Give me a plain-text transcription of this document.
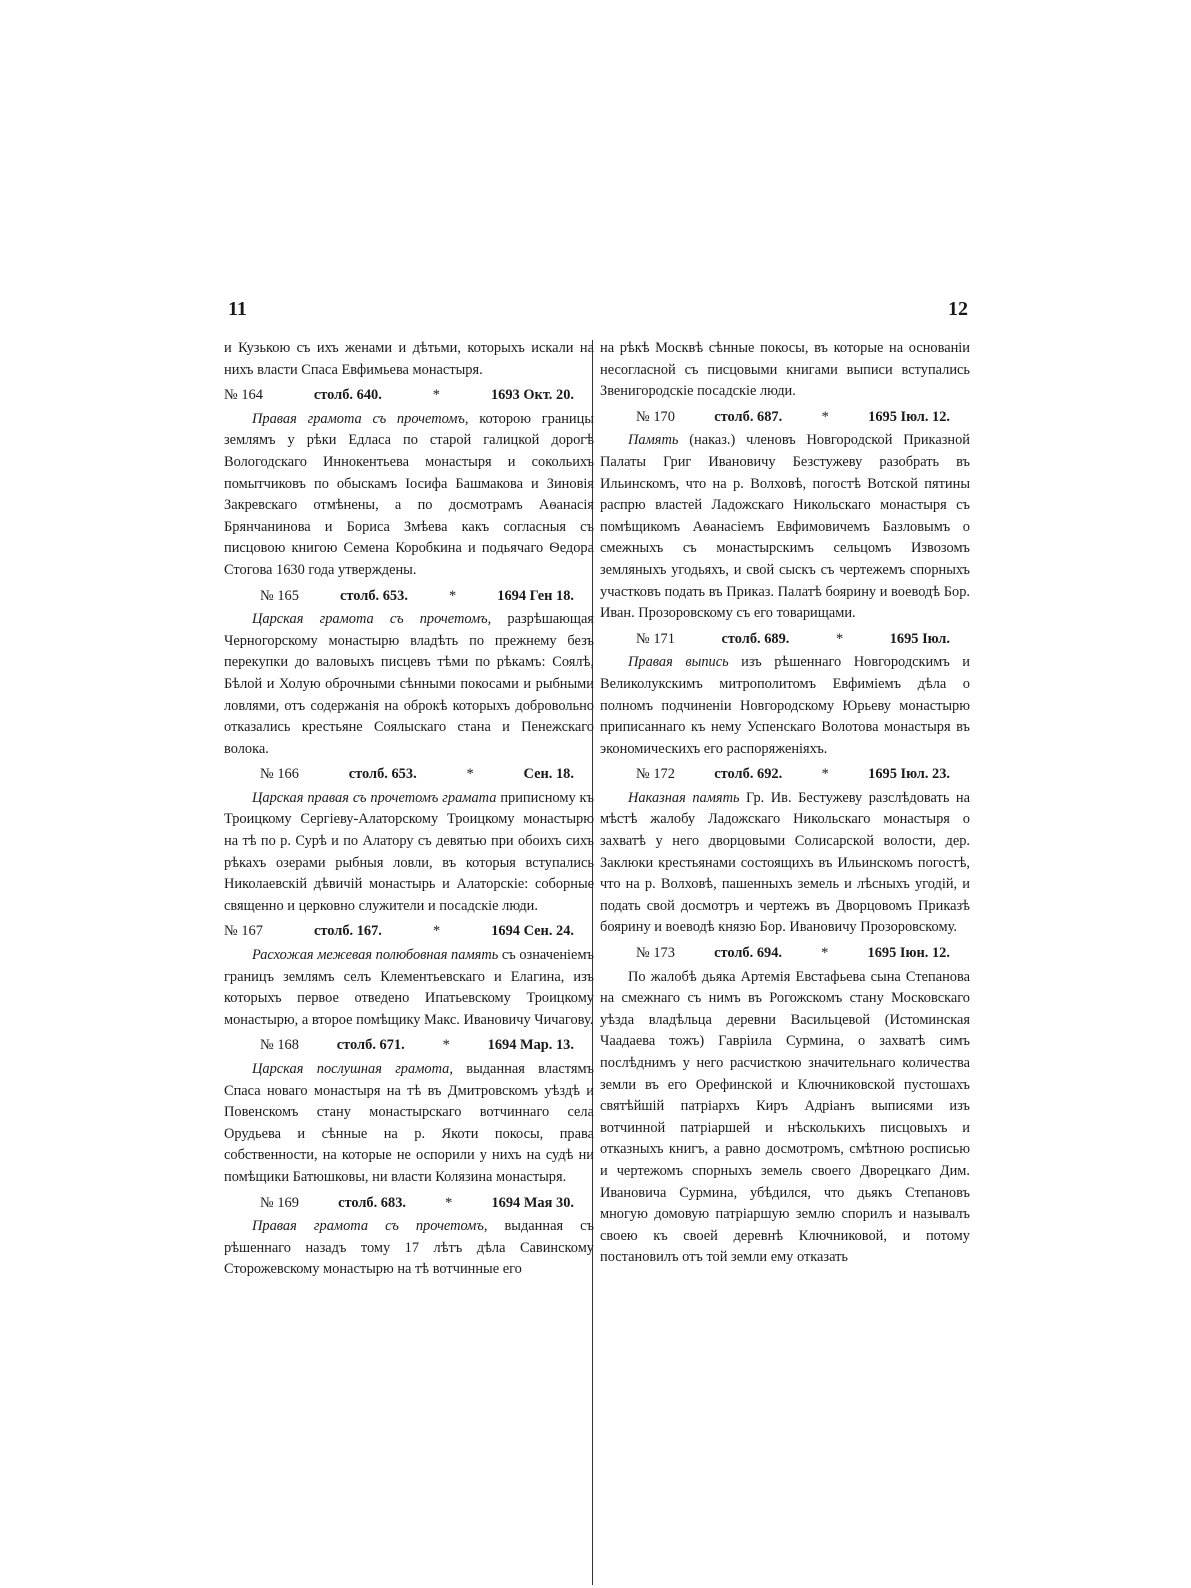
11	12

и Кузькою съ ихъ женами и дѣтьми, которыхъ искали на нихъ власти Спаса Евфимьева монастыря.

№ 164	столб. 640.	*	1693 Окт. 20.

Правая грамота съ прочетомъ, которою границы землямъ у рѣки Едласа по старой галицкой дорогѣ Вологодскаго Иннокентьева монастыря и сокольихъ помытчиковъ по обыскамъ Іосифа Башмакова и Зиновія Закревскаго отмѣнены, а по досмотрамъ Аѳанасія Брянчанинова и Бориса Змѣева какъ согласныя съ писцовою книгою Семена Коробкина и подьячаго Ѳедора Стогова 1630 года утверждены.

№ 165	столб. 653.	*	1694 Ген 18.

Царская грамота съ прочетомъ, разрѣшающая Черногорскому монастырю владѣть по прежнему безъ перекупки до валовыхъ писцевъ тѣми по рѣкамъ: Соялѣ, Бѣлой и Холую оброчными сѣнными покосами и рыбными ловлями, отъ содержанія на оброкѣ которыхъ добровольно отказались крестьяне Соялыскаго стана и Пенежскаго волока.

№ 166	столб. 653.	*	Сен. 18.

Царская правая съ прочетомъ грамата приписному къ Троицкому Сергіеву-Алаторскому Троицкому монастырю на тѣ по р. Сурѣ и по Алатору съ девятью при обоихъ сихъ рѣкахъ озерами рыбныя ловли, въ которыя вступались Николаевскій дѣвичій монастырь и Алаторскіе: соборные священно и церковно служители и посадскіе люди.

№ 167	столб. 167.	*	1694 Сен. 24.

Расхожая межевая полюбовная память съ означеніемъ границъ землямъ селъ Клементьевскаго и Елагина, изъ которыхъ первое отведено Ипатьевскому Троицкому монастырю, а второе помѣщику Макс. Ивановичу Чичагову.

№ 168	столб. 671.	*	1694 Мар. 13.

Царская послушная грамота, выданная властямъ Спаса новаго монастыря на тѣ въ Дмитровскомъ уѣздѣ и Повенскомъ стану монастырскаго вотчиннаго села Орудьева и сѣнные на р. Якоти покосы, права собственности, на которые не оспорили у нихъ на судѣ ни помѣщики Батюшковы, ни власти Колязина монастыря.

№ 169	столб. 683.	*	1694 Мая 30.

Правая грамота съ прочетомъ, выданная съ рѣшеннаго назадъ тому 17 лѣтъ дѣла Савинскому Сторожевскому монастырю на тѣ вотчинные его

на рѣкѣ Москвѣ сѣнные покосы, въ которые на основаніи несогласной съ писцовыми книгами выписи вступались Звенигородскіе посадскіе люди.

№ 170	столб. 687.	*	1695 Іюл. 12.

Память (наказ.) членовъ Новгородской Приказной Палаты Григ Ивановичу Безстужеву разобрать въ Ильинскомъ, что на р. Волховѣ, погостѣ Вотской пятины распрю властей Ладожскаго Никольскаго монастыря съ помѣщикомъ Аѳанасіемъ Евфимовичемъ Базловымъ о смежныхъ съ монастырскимъ сельцомъ Извозомъ земляныхъ угодьяхъ, и свой сыскъ съ чертежемъ спорныхъ участковъ подать въ Приказ. Палатѣ боярину и воеводѣ Бор. Иван. Прозоровскому съ его товарищами.

№ 171	столб. 689.	*	1695 Іюл.

Правая выпись изъ рѣшеннаго Новгородскимъ и Великолукскимъ митрополитомъ Евфиміемъ дѣла о полномъ подчиненіи Новгородскому Юрьеву монастырю приписаннаго къ нему Успенскаго Волотова монастыря въ экономическихъ его распоряженіяхъ.

№ 172	столб. 692.	*	1695 Іюл. 23.

Наказная память Гр. Ив. Бестужеву разслѣдовать на мѣстѣ жалобу Ладожскаго Никольскаго монастыря о захватѣ у него дворцовыми Солисарской волости, дер. Заклюки крестьянами состоящихъ въ Ильинскомъ погостѣ, что на р. Волховѣ, пашенныхъ земель и лѣсныхъ угодій, и подать свой досмотръ и чертежъ въ Дворцовомъ Приказѣ боярину и воеводѣ князю Бор. Ивановичу Прозоровскому.

№ 173	столб. 694.	*	1695 Іюн. 12.

По жалобѣ дьяка Артемія Евстафьева сына Степанова на смежнаго съ нимъ въ Рогожскомъ стану Московскаго уѣзда владѣльца деревни Васильцевой (Истоминская Чаадаева тожъ) Гавріила Сурмина, о захватѣ симъ послѣднимъ у него расчисткою значительнаго количества земли въ его Орефинской и Ключниковской пустошахъ святѣйшій патріархъ Киръ Адріанъ выписями изъ вотчинной патріаршей и нѣсколькихъ писцовыхъ и отказныхъ книгъ, а равно досмотромъ, смѣтною росписью и чертежомъ спорныхъ земель своего Дворецкаго Дим. Ивановича Сурмина, убѣдился, что дьякъ Степановъ многую домовую патріаршую землю спорилъ и называлъ своею къ своей деревнѣ Ключниковой, и потому постановилъ отъ той земли ему отказать
